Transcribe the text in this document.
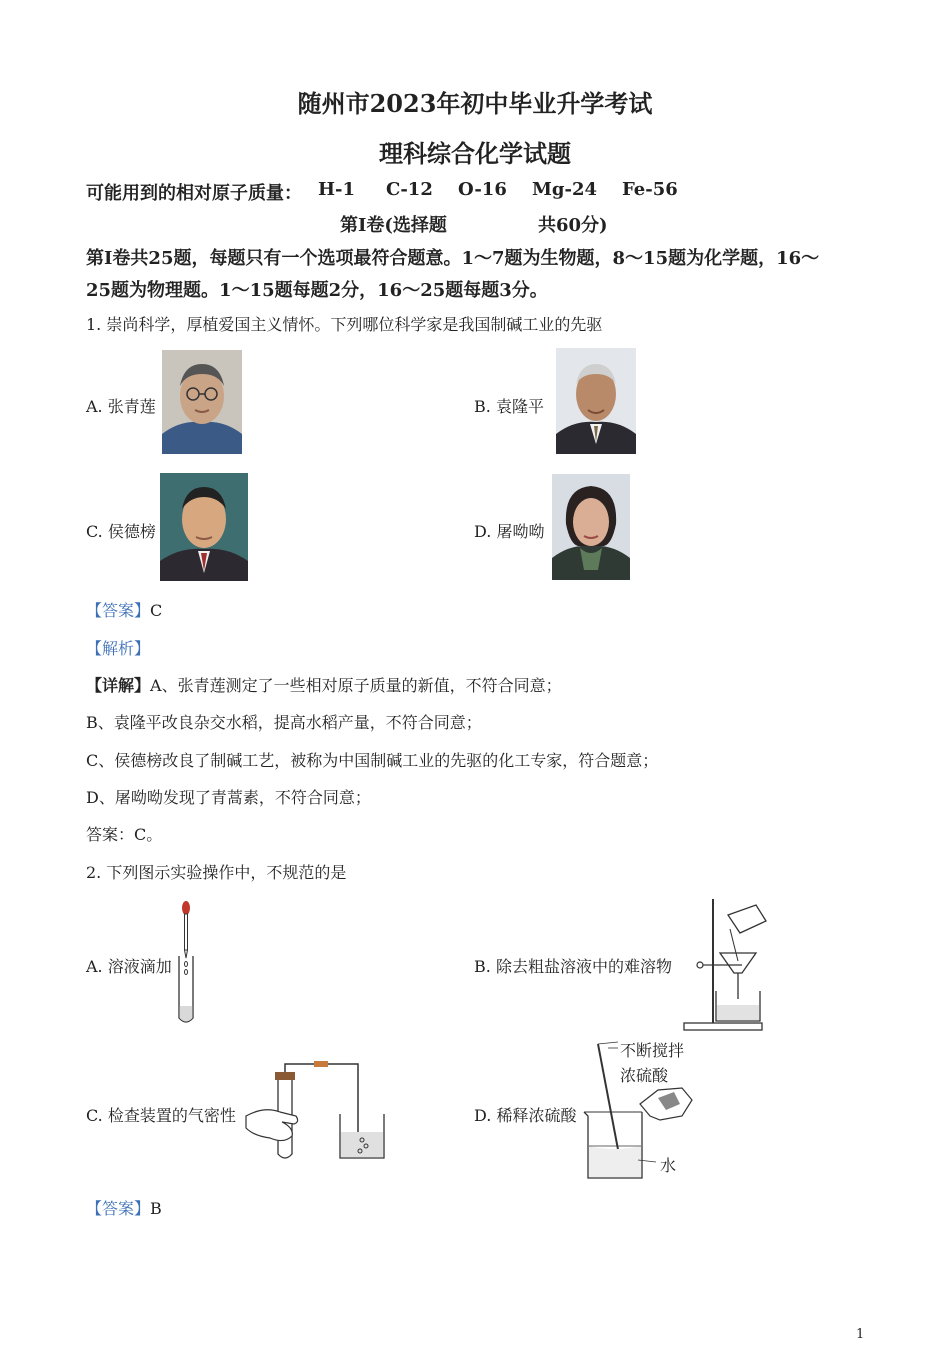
随州市2023年初中毕业升学考试
理科综合化学试题
可能用到的相对原子质量： H-1 C-12 O-16 Mg-24 Fe-56
第Ⅰ卷(选择题	共60分)
第Ⅰ卷共25题，每题只有一个选项最符合题意。1～7题为生物题，8～15题为化学题，16～
25题为物理题。1～15题每题2分，16～25题每题3分。
1. 崇尚科学，厚植爱国主义情怀。下列哪位科学家是我国制碱工业的先驱
A. 张青莲	B. 袁隆平
C. 侯德榜	D. 屠呦呦
【答案】C
【解析】
【详解】A、张青莲测定了一些相对原子质量的新值，不符合同意；
B、袁隆平改良杂交水稻，提高水稻产量，不符合同意；
C、侯德榜改良了制碱工艺，被称为中国制碱工业的先驱的化工专家，符合题意；
D、屠呦呦发现了青蒿素，不符合同意；
答案：C。
2. 下列图示实验操作中，不规范的是
A. 溶液滴加	B. 除去粗盐溶液中的难溶物
C. 检查装置的气密性	D. 稀释浓硫酸
不断搅拌
浓硫酸
水
【答案】B
1
